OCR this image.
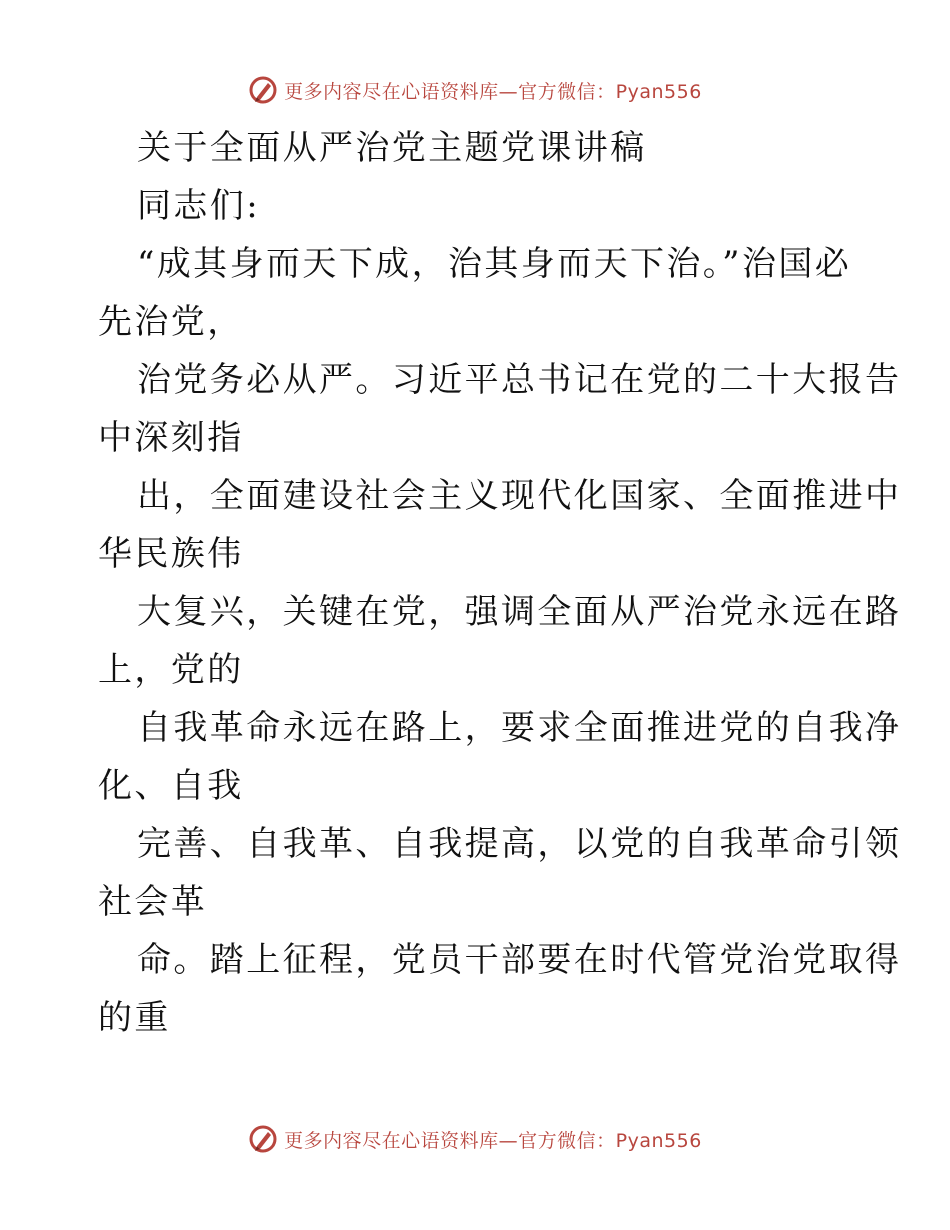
更多内容尽在心语资料库—官方微信：Pyan556
关于全面从严治党主题党课讲稿
同志们:
“成其身而天下成，治其身而天下治。”治国必
先治党，
治党务必从严。习近平总书记在党的二十大报告
中深刻指
出，全面建设社会主义现代化国家、全面推进中
华民族伟
大复兴，关键在党，强调全面从严治党永远在路
上，党的
自我革命永远在路上，要求全面推进党的自我净
化、自我
完善、自我革、自我提高，以党的自我革命引领
社会革
命。踏上征程，党员干部要在时代管党治党取得
的重
更多内容尽在心语资料库—官方微信：Pyan556
